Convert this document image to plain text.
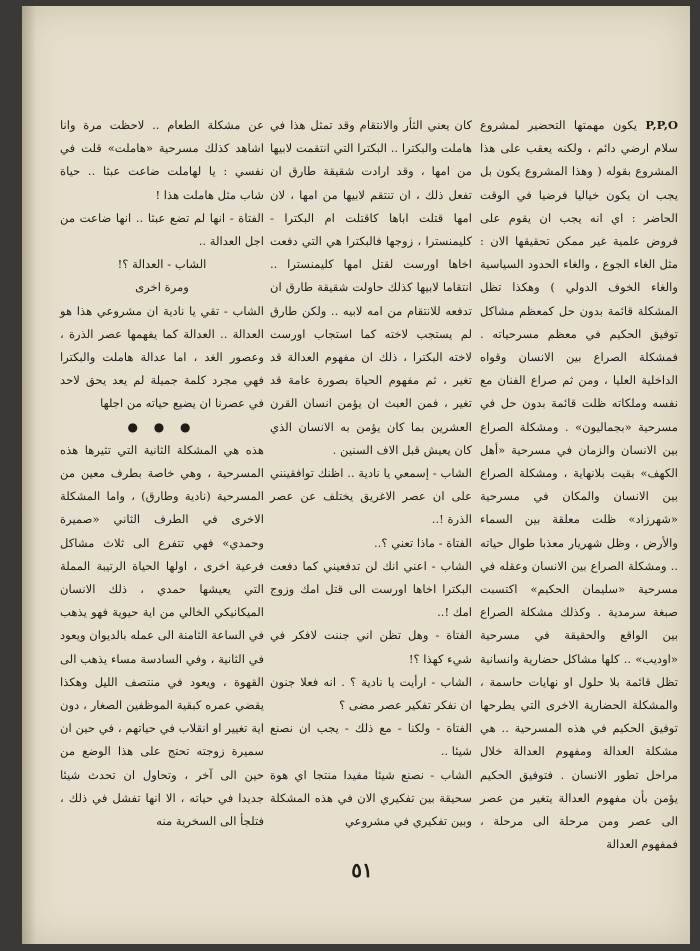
P,P,O يكون مهمتها التحضير لمشروع سلام ارضي دائم ، ولكنه يعقب على هذا المشروع بقوله ( وهذا المشروع يكون بل يجب ان يكون خياليا فرضيا في الوقت الحاضر : اي انه يجب ان يقوم على فروض علمية غير ممكن تحقيقها الان : مثل الغاء الجوع ، والغاء الحدود السياسية والغاء الخوف الدولي ) وهكذا تظل المشكلة قائمة بدون حل كمعظم مشاكل توفيق الحكيم في معظم مسرحياته . فمشكلة الصراع بين الانسان وقواه الداخلية العليا ، ومن ثم صراع الفنان مع نفسه وملكاته ظلت قائمة بدون حل في مسرحية «بجماليون» . ومشكلة الصراع بين الانسان والزمان في مسرحية «أهل الكهف» بقيت بلانهاية ، ومشكلة الصراع بين الانسان والمكان في مسرحية «شهرزاد» ظلت معلقة بين السماء والأرض ، وظل شهريار معذبا طوال حياته .. ومشكلة الصراع بين الانسان وعقله في مسرحية «سليمان الحكيم» اكتسبت صبغة سرمدية . وكذلك مشكلة الصراع بين الواقع والحقيقة في مسرحية «اوديب» .. كلها مشاكل حضارية وانسانية تظل قائمة بلا حلول او نهايات حاسمة ، والمشكلة الحضارية الاخرى التي يطرحها توفيق الحكيم في هذه المسرحية .. هي مشكلة العدالة ومفهوم العدالة خلال مراحل تطور الانسان . فتوفيق الحكيم يؤمن بأن مفهوم العدالة يتغير من عصر الى عصر ومن مرحلة الى مرحلة ، فمفهوم العدالة

كان يعني الثأر والانتقام وقد تمثل هذا في هاملت والبكترا .. البكترا التي انتقمت لابيها من امها ، وقد ارادت شقيقة طارق ان تفعل ذلك ، ان تنتقم لابيها من امها ، لان امها قتلت اباها كاقتلت ام البكترا - كليمنسترا ، زوجها فالبكترا هي التي دفعت اخاها اورست لقتل امها كليمنسترا .. انتقاما لابيها كذلك حاولت شقيقة طارق ان تدفعه للانتقام من امه لابيه .. ولكن طارق لم يستجب لاخته كما استجاب اورست لاخته البكترا ، ذلك ان مفهوم العدالة قد تغير ، ثم مفهوم الحياة بصورة عامة قد تغير ، فمن العبث ان يؤمن انسان القرن العشرين بما كان يؤمن به الانسان الذي كان يعيش قبل الاف السنين .

الشاب - إسمعي يا نادية .. اظنك توافقينني على ان عصر الاغريق يختلف عن عصر الذرة !..

الفتاة - ماذا تعني ؟..

الشاب - اعني انك لن تدفعيني كما دفعت البكترا اخاها اورست الى قتل امك وزوج امك !..

الفتاة - وهل تظن اني جننت لافكر في شيء كهذا ؟!

الشاب - ارأيت يا نادية ؟ . انه فعلا جنون ان نفكر تفكير عصر مضى ؟

الفتاة - ولكنا - مع ذلك - يجب ان نصنع شيئا ..

الشاب - نصنع شيئا مفيدا منتجا اي هوة سحيقة بين تفكيري الان في هذه المشكلة وبين تفكيري في مشروعي

عن مشكلة الطعام .. لاحظت مرة وانا اشاهد كذلك مسرحية «هاملت» قلت في نفسي : يا لهاملت ضاعت عبثا .. حياة شاب مثل هاملت هذا !

الفتاة - انها لم تضع عبثا .. انها ضاعت من اجل العدالة ..

الشاب - العدالة ؟!

ومرة اخرى

الشاب - تقي يا نادية ان مشروعي هذا هو العدالة .. العدالة كما يفهمها عصر الذرة ، وعصور الغد ، اما عدالة هاملت والبكترا فهي مجرد كلمة جميلة لم يعد يحق لاحد في عصرنا ان يضيع حياته من اجلها

● ● ●

هذه هي المشكلة الثانية التي تثيرها هذه المسرحية ، وهي خاصة بطرف معين من المسرحية (نادية وطارق) ، واما المشكلة الاخرى في الطرف الثاني «صميرة وحمدي» فهي تتفرع الى ثلاث مشاكل فرعية اخرى ، اولها الحياة الرتيبة المملة التي يعيشها حمدي ، ذلك الانسان الميكانيكي الخالي من اية حيوية فهو يذهب في الساعة الثامنة الى عمله بالديوان ويعود في الثانية ، وفي السادسة مساء يذهب الى القهوة ، ويعود في منتصف الليل وهكذا يقضي عمره كبقية الموظفين الصغار ، دون اية تغيير او انقلاب في حياتهم ، في حين ان سميرة زوجته تحتج على هذا الوضع من حين الى آخر ، وتحاول ان تحدث شيئا جديدا في حياته ، الا انها تفشل في ذلك ، فتلجأ الى السخرية منه

٥١
